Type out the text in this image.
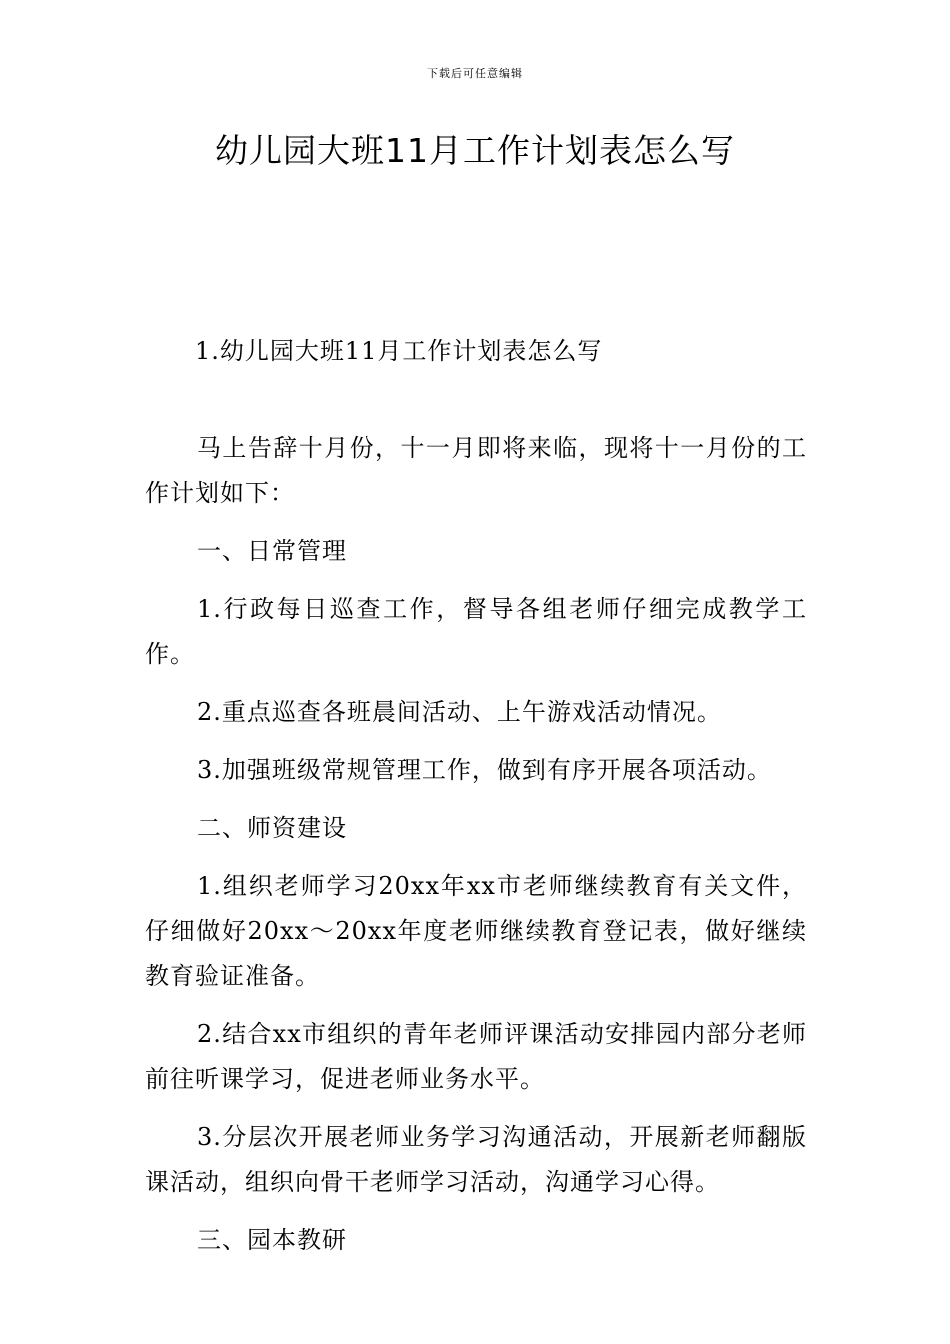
下载后可任意编辑
幼儿园大班11月工作计划表怎么写
1.幼儿园大班11月工作计划表怎么写

马上告辞十月份，十一月即将来临，现将十一月份的工作计划如下：

一、日常管理

1.行政每日巡查工作，督导各组老师仔细完成教学工作。

2.重点巡查各班晨间活动、上午游戏活动情况。

3.加强班级常规管理工作，做到有序开展各项活动。

二、师资建设

1.组织老师学习20xx年xx市老师继续教育有关文件，仔细做好20xx～20xx年度老师继续教育登记表，做好继续教育验证准备。

2.结合xx市组织的青年老师评课活动安排园内部分老师前往听课学习，促进老师业务水平。

3.分层次开展老师业务学习沟通活动，开展新老师翻版课活动，组织向骨干老师学习活动，沟通学习心得。

三、园本教研
